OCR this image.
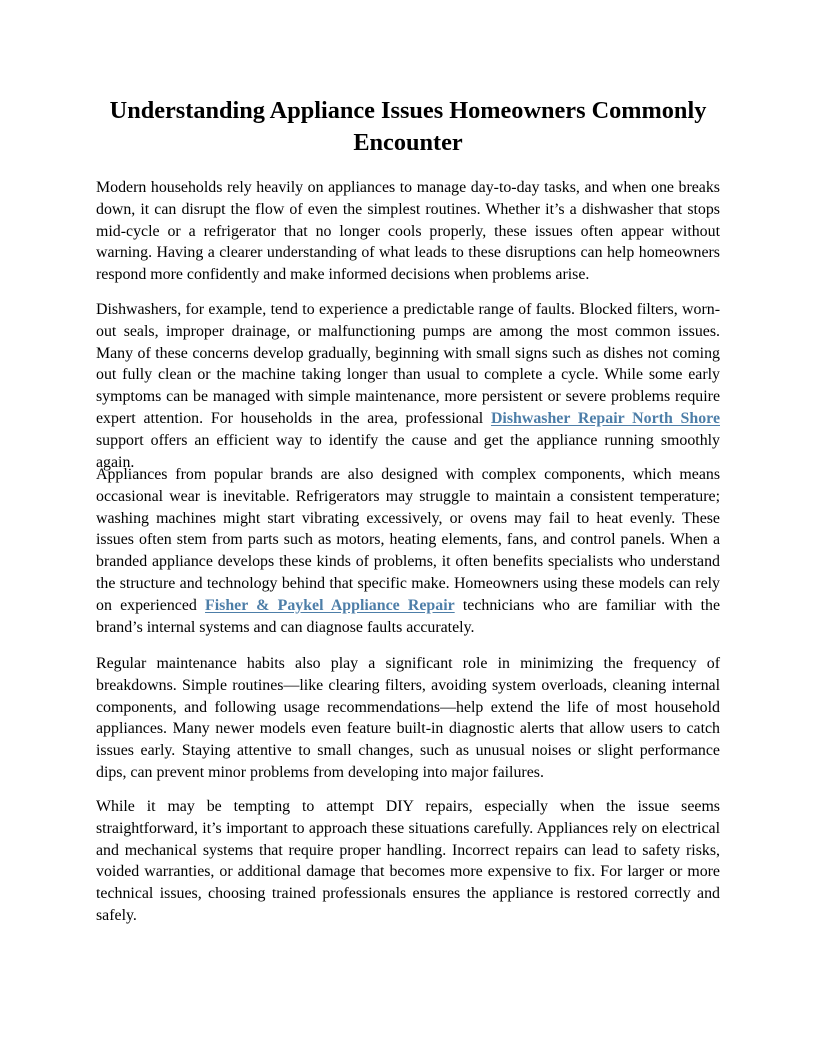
Understanding Appliance Issues Homeowners Commonly Encounter

Modern households rely heavily on appliances to manage day-to-day tasks, and when one breaks down, it can disrupt the flow of even the simplest routines. Whether it’s a dishwasher that stops mid-cycle or a refrigerator that no longer cools properly, these issues often appear without warning. Having a clearer understanding of what leads to these disruptions can help homeowners respond more confidently and make informed decisions when problems arise.

Dishwashers, for example, tend to experience a predictable range of faults. Blocked filters, worn-out seals, improper drainage, or malfunctioning pumps are among the most common issues. Many of these concerns develop gradually, beginning with small signs such as dishes not coming out fully clean or the machine taking longer than usual to complete a cycle. While some early symptoms can be managed with simple maintenance, more persistent or severe problems require expert attention. For households in the area, professional Dishwasher Repair North Shore support offers an efficient way to identify the cause and get the appliance running smoothly again.

Appliances from popular brands are also designed with complex components, which means occasional wear is inevitable. Refrigerators may struggle to maintain a consistent temperature; washing machines might start vibrating excessively, or ovens may fail to heat evenly. These issues often stem from parts such as motors, heating elements, fans, and control panels. When a branded appliance develops these kinds of problems, it often benefits specialists who understand the structure and technology behind that specific make. Homeowners using these models can rely on experienced Fisher & Paykel Appliance Repair technicians who are familiar with the brand’s internal systems and can diagnose faults accurately.

Regular maintenance habits also play a significant role in minimizing the frequency of breakdowns. Simple routines—like clearing filters, avoiding system overloads, cleaning internal components, and following usage recommendations—help extend the life of most household appliances. Many newer models even feature built-in diagnostic alerts that allow users to catch issues early. Staying attentive to small changes, such as unusual noises or slight performance dips, can prevent minor problems from developing into major failures.

While it may be tempting to attempt DIY repairs, especially when the issue seems straightforward, it’s important to approach these situations carefully. Appliances rely on electrical and mechanical systems that require proper handling. Incorrect repairs can lead to safety risks, voided warranties, or additional damage that becomes more expensive to fix. For larger or more technical issues, choosing trained professionals ensures the appliance is restored correctly and safely.
